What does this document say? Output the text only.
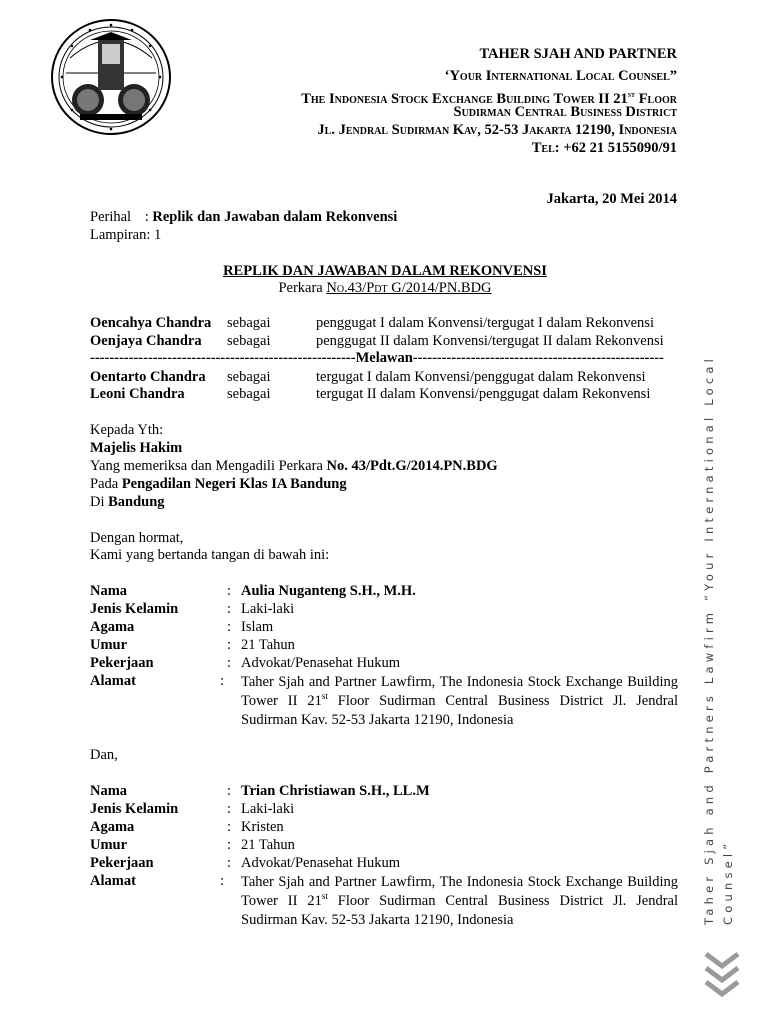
TAHER SJAH AND PARTNER
‘Your International Local Counsel”
The Indonesia Stock Exchange Building Tower II 21st Floor
Sudirman Central Business District
Jl. Jendral Sudirman Kav, 52-53 Jakarta 12190, Indonesia
Tel: +62 21 5155090/91
Jakarta, 20 Mei 2014
Perihal : Replik dan Jawaban dalam Rekonvensi
Lampiran: 1
REPLIK DAN JAWABAN DALAM REKONVENSI
Perkara No.43/Pdt G/2014/PN.BDG
Oencahya Chandra sebagai	penggugat I dalam Konvensi/tergugat I dalam Rekonvensi
Oenjaya Chandra sebagai	penggugat II dalam Konvensi/tergugat II dalam Rekonvensi
-------------------------------------------------------Melawan----------------------------------------------------
Oentarto Chandra sebagai	tergugat I dalam Konvensi/penggugat dalam Rekonvensi
Leoni Chandra	sebagai	tergugat II dalam Konvensi/penggugat dalam Rekonvensi
Kepada Yth:
Majelis Hakim
Yang memeriksa dan Mengadili Perkara No. 43/Pdt.G/2014.PN.BDG
Pada Pengadilan Negeri Klas IA Bandung
Di Bandung
Dengan hormat,
Kami yang bertanda tangan di bawah ini:
Nama	: Aulia Nuganteng S.H., M.H.
Jenis Kelamin	: Laki-laki
Agama	: Islam
Umur	: 21 Tahun
Pekerjaan	: Advokat/Penasehat Hukum
Alamat	: Taher Sjah and Partner Lawfirm, The Indonesia Stock Exchange Building Tower II 21st Floor Sudirman Central Business District Jl. Jendral Sudirman Kav. 52-53 Jakarta 12190, Indonesia
Dan,
Nama	: Trian Christiawan S.H., LL.M
Jenis Kelamin	: Laki-laki
Agama	: Kristen
Umur	: 21 Tahun
Pekerjaan	: Advokat/Penasehat Hukum
Alamat	: Taher Sjah and Partner Lawfirm, The Indonesia Stock Exchange Building Tower II 21st Floor Sudirman Central Business District Jl. Jendral Sudirman Kav. 52-53 Jakarta 12190, Indonesia	Taher Sjah and Partners Lawfirm “Your International Local Counsel”
